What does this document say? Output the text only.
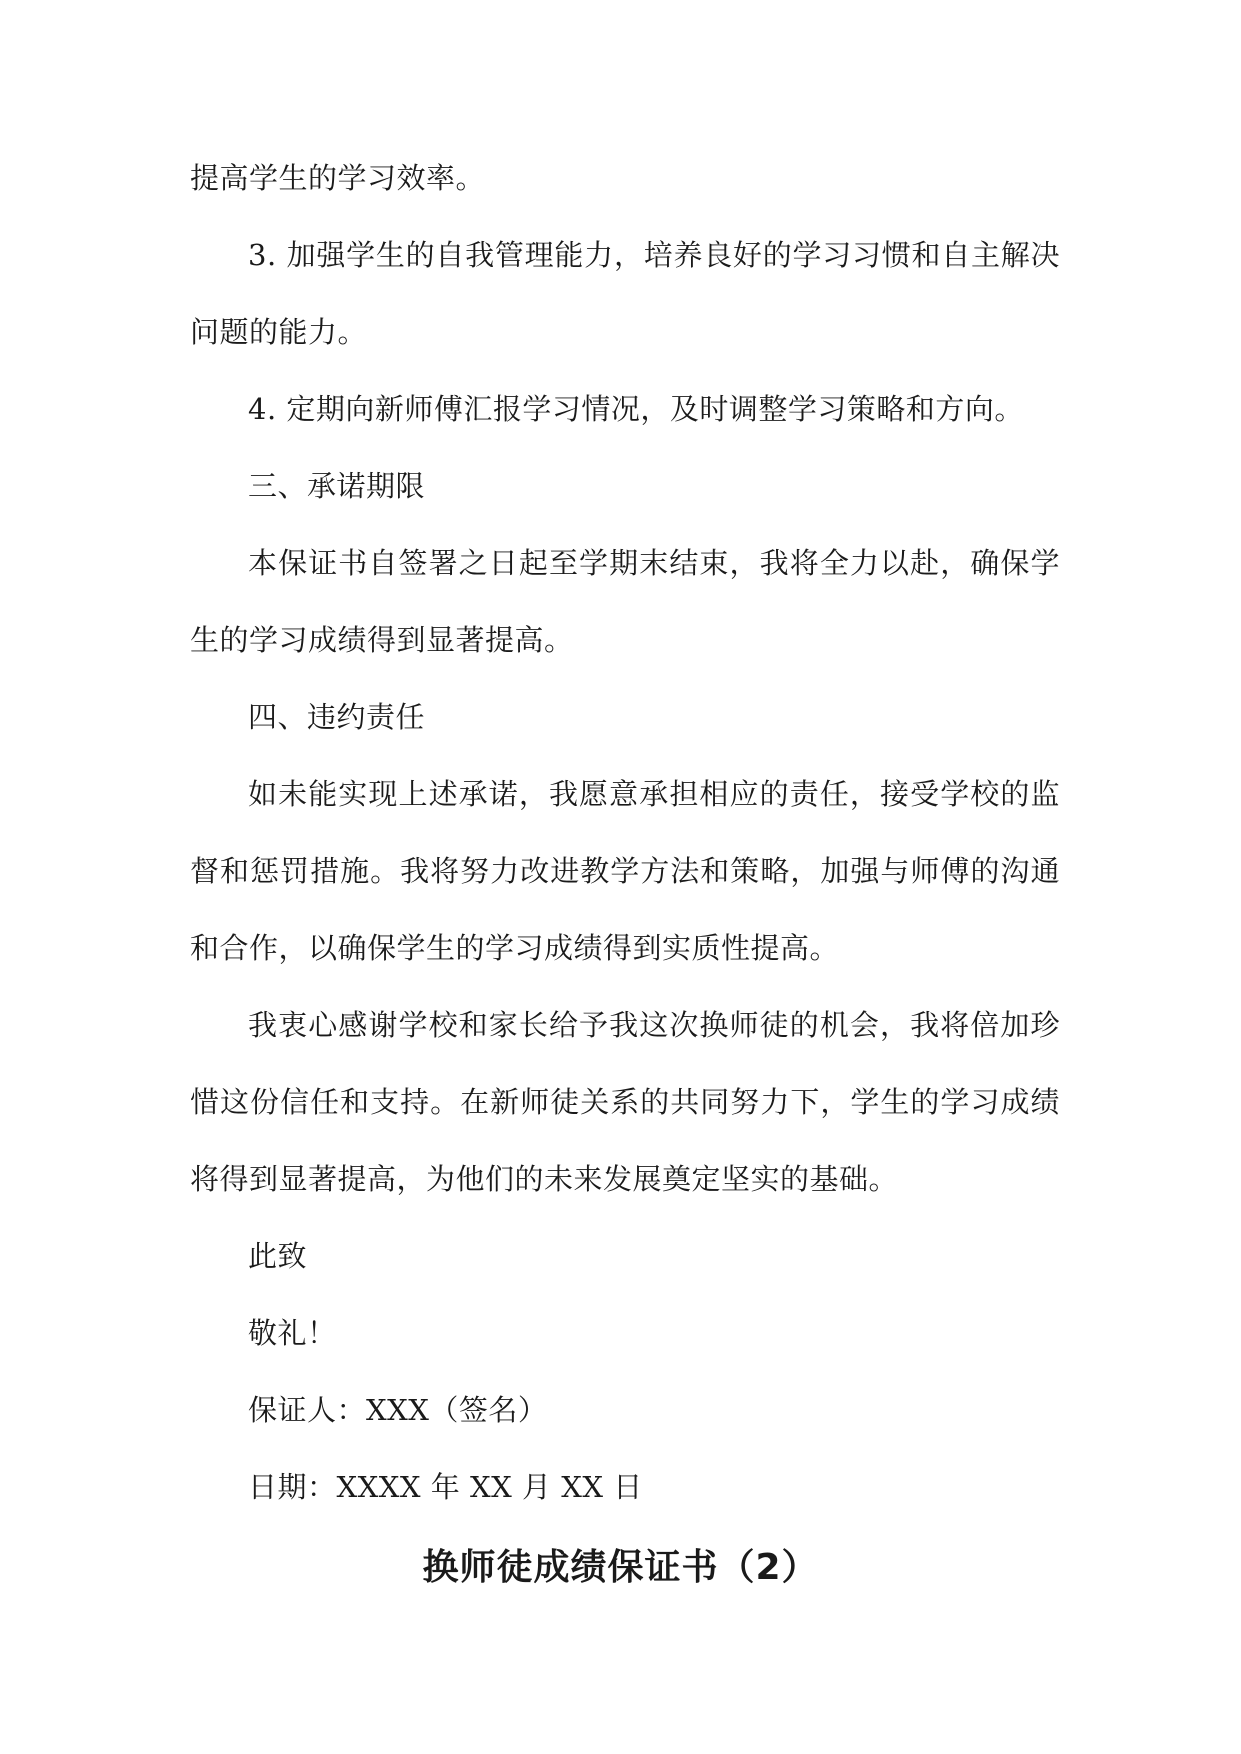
提高学生的学习效率。

3. 加强学生的自我管理能力，培养良好的学习习惯和自主解决问题的能力。

4. 定期向新师傅汇报学习情况，及时调整学习策略和方向。

三、承诺期限

本保证书自签署之日起至学期末结束，我将全力以赴，确保学生的学习成绩得到显著提高。

四、违约责任

如未能实现上述承诺，我愿意承担相应的责任，接受学校的监督和惩罚措施。我将努力改进教学方法和策略，加强与师傅的沟通和合作，以确保学生的学习成绩得到实质性提高。

我衷心感谢学校和家长给予我这次换师徒的机会，我将倍加珍惜这份信任和支持。在新师徒关系的共同努力下，学生的学习成绩将得到显著提高，为他们的未来发展奠定坚实的基础。

此致

敬礼！

保证人：XXX（签名）

日期：XXXX 年 XX 月 XX 日

换师徒成绩保证书（2）
